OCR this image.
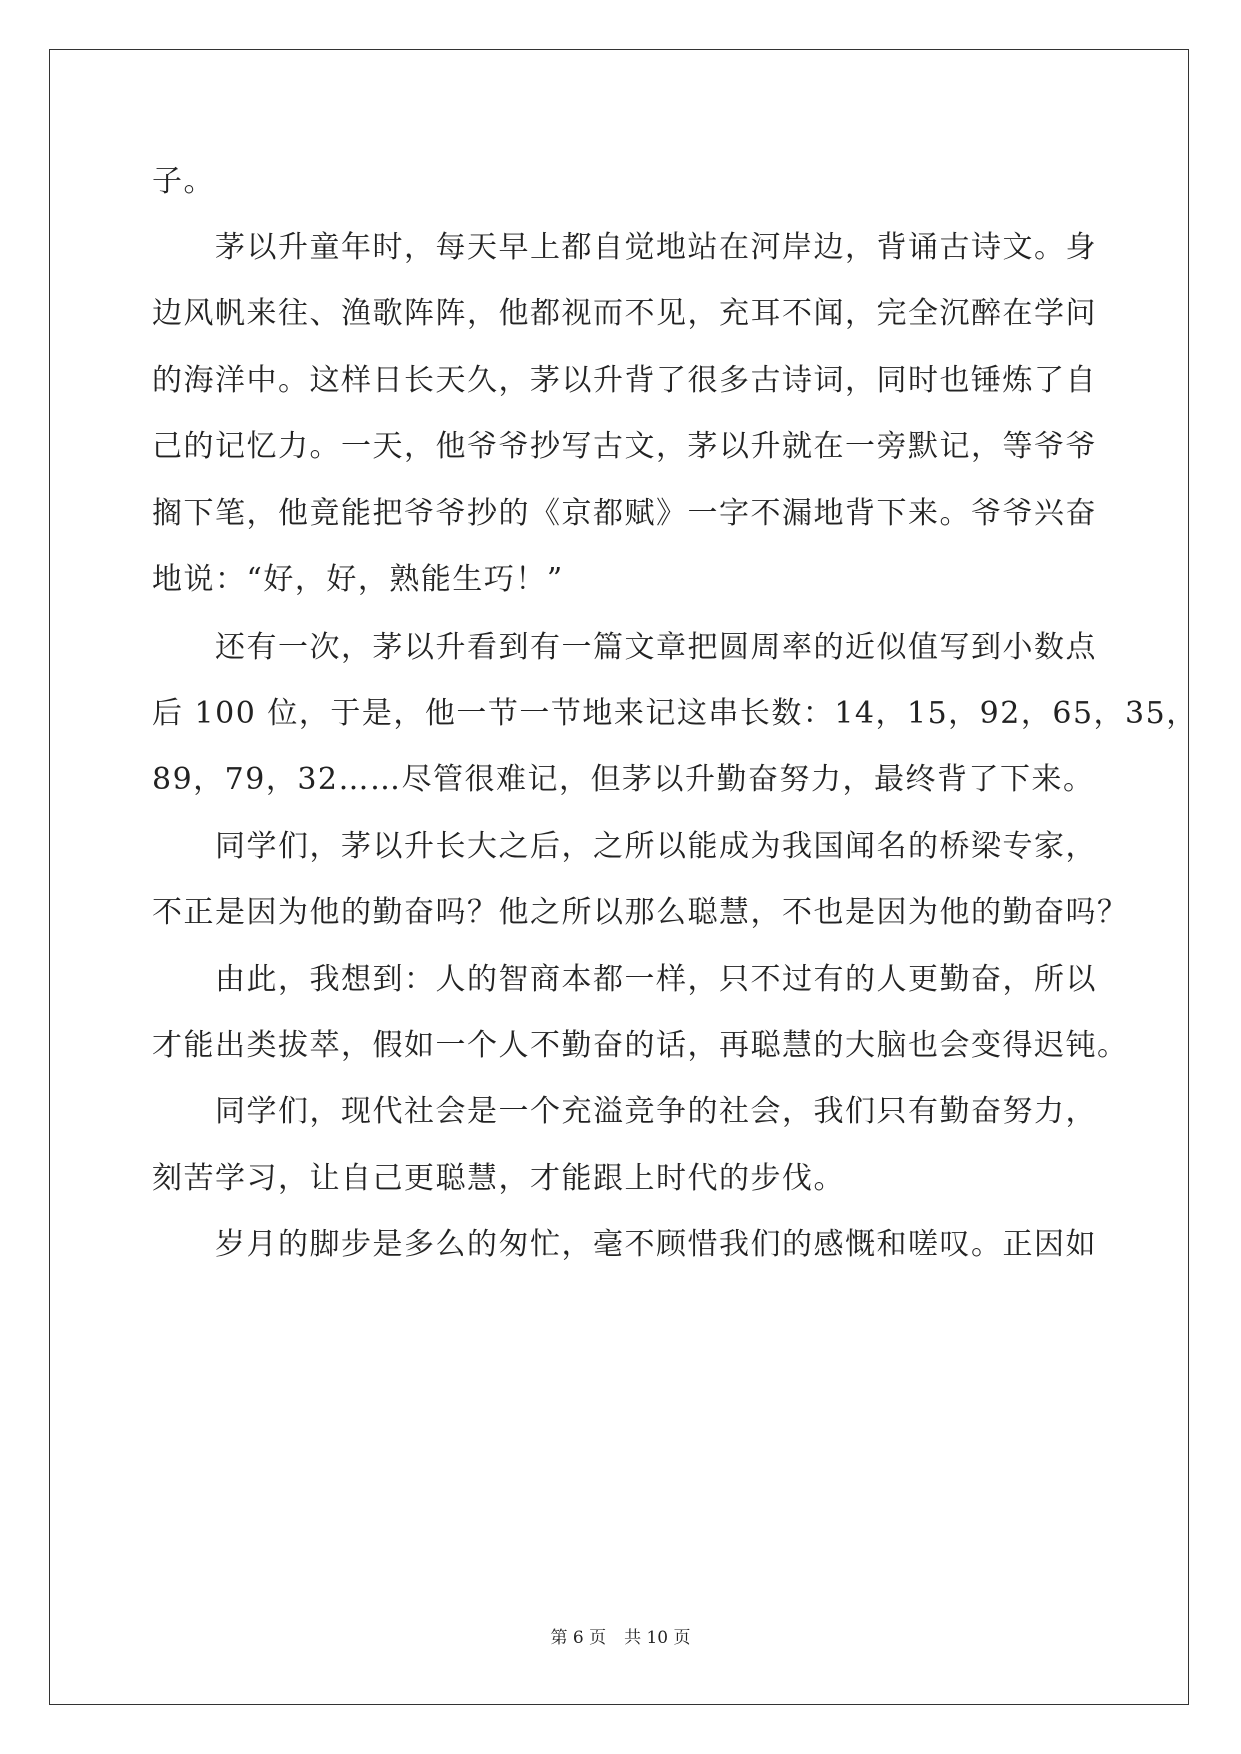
子。
茅以升童年时，每天早上都自觉地站在河岸边，背诵古诗文。身
边风帆来往、渔歌阵阵，他都视而不见，充耳不闻，完全沉醉在学问
的海洋中。这样日长天久，茅以升背了很多古诗词，同时也锤炼了自
己的记忆力。一天，他爷爷抄写古文，茅以升就在一旁默记，等爷爷
搁下笔，他竟能把爷爷抄的《京都赋》一字不漏地背下来。爷爷兴奋
地说：“好，好，熟能生巧！”
还有一次，茅以升看到有一篇文章把圆周率的近似值写到小数点
后 100 位，于是，他一节一节地来记这串长数：14，15，92，65，35，
89，79，32……尽管很难记，但茅以升勤奋努力，最终背了下来。
同学们，茅以升长大之后，之所以能成为我国闻名的桥梁专家，
不正是因为他的勤奋吗？他之所以那么聪慧，不也是因为他的勤奋吗？
由此，我想到：人的智商本都一样，只不过有的人更勤奋，所以
才能出类拔萃，假如一个人不勤奋的话，再聪慧的大脑也会变得迟钝。
同学们，现代社会是一个充溢竞争的社会，我们只有勤奋努力，
刻苦学习，让自己更聪慧，才能跟上时代的步伐。
岁月的脚步是多么的匆忙，毫不顾惜我们的感慨和嗟叹。正因如
第 6 页 共 10 页
